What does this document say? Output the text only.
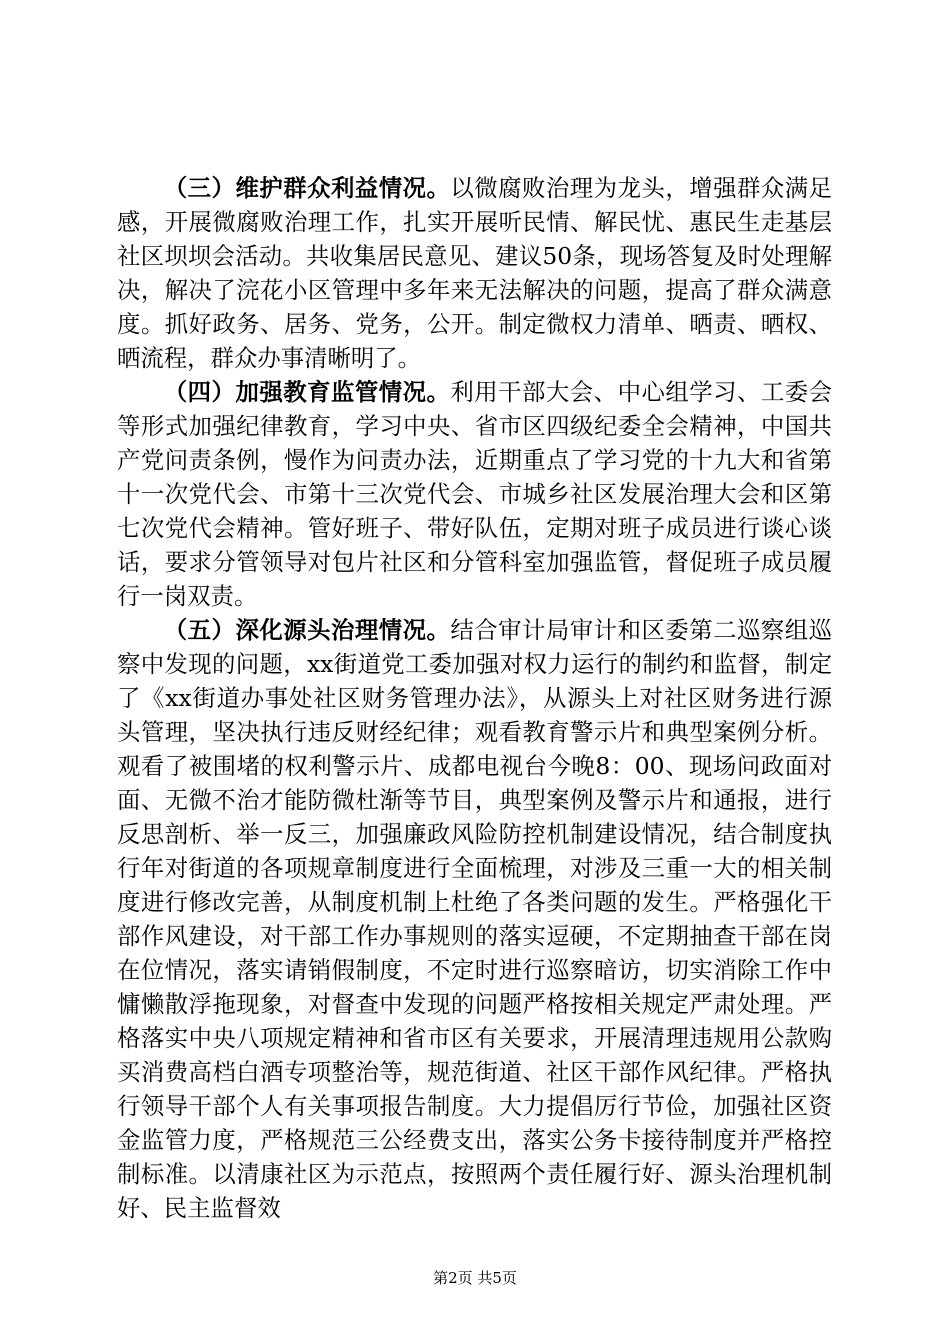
（三）维护群众利益情况。以微腐败治理为龙头，增强群众满足感，开展微腐败治理工作，扎实开展听民情、解民忧、惠民生走基层社区坝坝会活动。共收集居民意见、建议50条，现场答复及时处理解决，解决了浣花小区管理中多年来无法解决的问题，提高了群众满意度。抓好政务、居务、党务，公开。制定微权力清单、晒责、晒权、晒流程，群众办事清晰明了。

（四）加强教育监管情况。利用干部大会、中心组学习、工委会等形式加强纪律教育，学习中央、省市区四级纪委全会精神，中国共产党问责条例，慢作为问责办法，近期重点了学习党的十九大和省第十一次党代会、市第十三次党代会、市城乡社区发展治理大会和区第七次党代会精神。管好班子、带好队伍，定期对班子成员进行谈心谈话，要求分管领导对包片社区和分管科室加强监管，督促班子成员履行一岗双责。

（五）深化源头治理情况。结合审计局审计和区委第二巡察组巡察中发现的问题，xx街道党工委加强对权力运行的制约和监督，制定了《xx街道办事处社区财务管理办法》，从源头上对社区财务进行源头管理，坚决执行违反财经纪律；观看教育警示片和典型案例分析。观看了被围堵的权利警示片、成都电视台今晚8：00、现场问政面对面、无微不治才能防微杜渐等节目，典型案例及警示片和通报，进行反思剖析、举一反三，加强廉政风险防控机制建设情况，结合制度执行年对街道的各项规章制度进行全面梳理，对涉及三重一大的相关制度进行修改完善，从制度机制上杜绝了各类问题的发生。严格强化干部作风建设，对干部工作办事规则的落实逗硬，不定期抽查干部在岗在位情况，落实请销假制度，不定时进行巡察暗访，切实消除工作中慵懒散浮拖现象，对督查中发现的问题严格按相关规定严肃处理。严格落实中央八项规定精神和省市区有关要求，开展清理违规用公款购买消费高档白酒专项整治等，规范街道、社区干部作风纪律。严格执行领导干部个人有关事项报告制度。大力提倡厉行节俭，加强社区资金监管力度，严格规范三公经费支出，落实公务卡接待制度并严格控制标准。以清康社区为示范点，按照两个责任履行好、源头治理机制好、民主监督效

第2页 共5页
